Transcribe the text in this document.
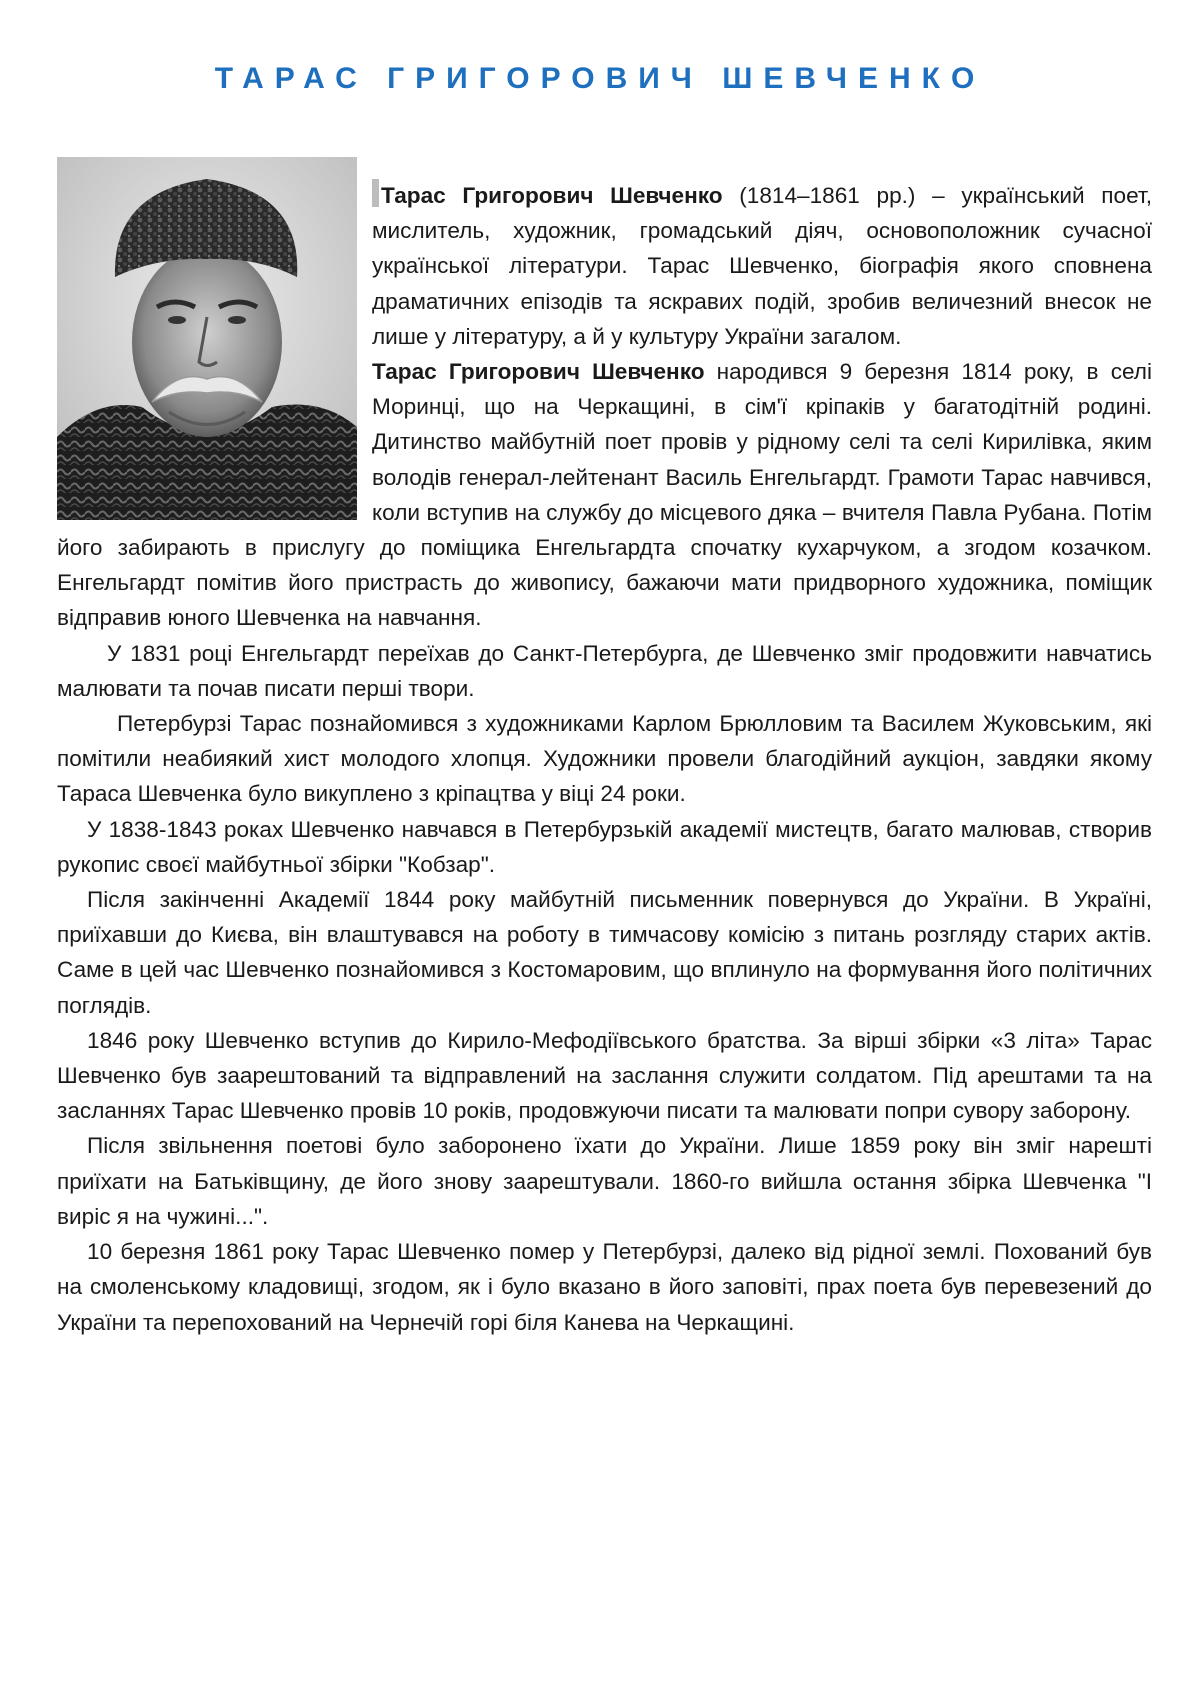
ТАРАС ГРИГОРОВИЧ ШЕВЧЕНКО

Тарас Григорович Шевченко (1814–1861 рр.) – український поет, мислитель, художник, громадський діяч, основоположник сучасної української літератури. Тарас Шевченко, біографія якого сповнена драматичних епізодів та яскравих подій, зробив величезний внесок не лише у літературу, а й у культуру України загалом.

Тарас Григорович Шевченко народився 9 березня 1814 року, в селі Моринці, що на Черкащині, в сім'ї кріпаків у багатодітній родині. Дитинство майбутній поет провів у рідному селі та селі Кирилівка, яким володів генерал-лейтенант Василь Енгельгардт. Грамоти Тарас навчився, коли вступив на службу до місцевого дяка – вчителя Павла Рубана. Потім його забирають в прислугу до поміщика Енгельгардта спочатку кухарчуком, а згодом козачком. Енгельгардт помітив його пристрасть до живопису, бажаючи мати придворного художника, поміщик відправив юного Шевченка на навчання.

У 1831 році Енгельгардт переїхав до Санкт-Петербурга, де Шевченко зміг продовжити навчатись малювати та почав писати перші твори.

Петербурзі Тарас познайомився з художниками Карлом Брюлловим та Василем Жуковським, які помітили неабиякий хист молодого хлопця. Художники провели благодійний аукціон, завдяки якому Тараса Шевченка було викуплено з кріпацтва у віці 24 роки.

У 1838-1843 роках Шевченко навчався в Петербурзькій академії мистецтв, багато малював, створив рукопис своєї майбутньої збірки "Кобзар".

Після закінченні Академії 1844 року майбутній письменник повернувся до України. В Україні, приїхавши до Києва, він влаштувався на роботу в тимчасову комісію з питань розгляду старих актів. Саме в цей час Шевченко познайомився з Костомаровим, що вплинуло на формування його політичних поглядів.

1846 року Шевченко вступив до Кирило-Мефодіївського братства. За вірші збірки «3 літа» Тарас Шевченко був заарештований та відправлений на заслання служити солдатом. Під арештами та на засланнях Тарас Шевченко провів 10 років, продовжуючи писати та малювати попри сувору заборону.

Після звільнення поетові було заборонено їхати до України. Лише 1859 року він зміг нарешті приїхати на Батьківщину, де його знову заарештували. 1860-го вийшла остання збірка Шевченка "І виріс я на чужині...".

10 березня 1861 року Тарас Шевченко помер у Петербурзі, далеко від рідної землі. Похований був на смоленському кладовищі, згодом, як і було вказано в його заповіті, прах поета був перевезений до України та перепохований на Чернечій горі біля Канева на Черкащині.
